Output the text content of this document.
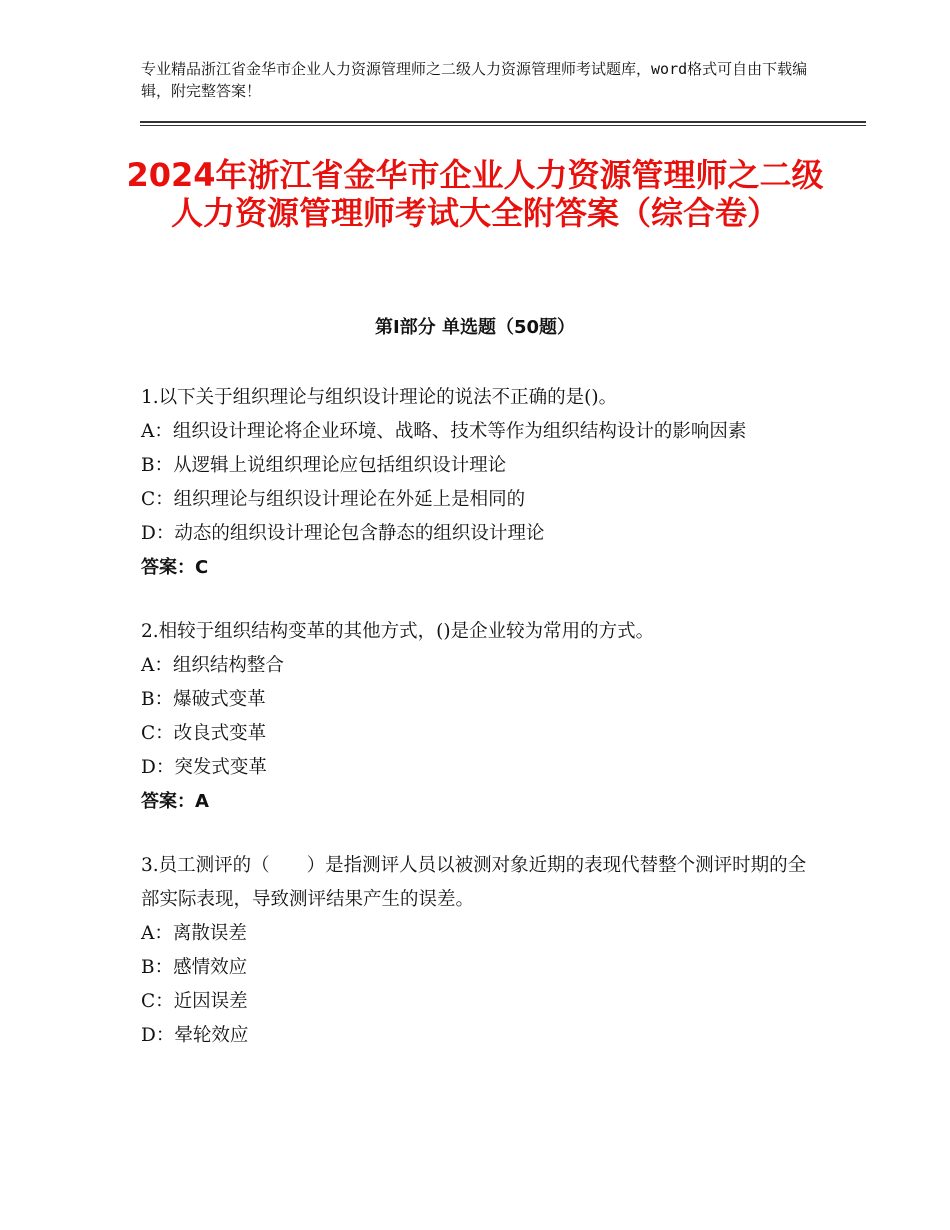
专业精品浙江省金华市企业人力资源管理师之二级人力资源管理师考试题库，word格式可自由下载编辑，附完整答案！
2024年浙江省金华市企业人力资源管理师之二级人力资源管理师考试大全附答案（综合卷）
第Ⅰ部分 单选题（50题）

1.以下关于组织理论与组织设计理论的说法不正确的是()。

A：组织设计理论将企业环境、战略、技术等作为组织结构设计的影响因素

B：从逻辑上说组织理论应包括组织设计理论

C：组织理论与组织设计理论在外延上是相同的

D：动态的组织设计理论包含静态的组织设计理论

答案：C

2.相较于组织结构变革的其他方式，()是企业较为常用的方式。

A：组织结构整合

B：爆破式变革

C：改良式变革

D：突发式变革

答案：A

3.员工测评的（　　）是指测评人员以被测对象近期的表现代替整个测评时期的全部实际表现，导致测评结果产生的误差。

A：离散误差

B：感情效应

C：近因误差

D：晕轮效应
